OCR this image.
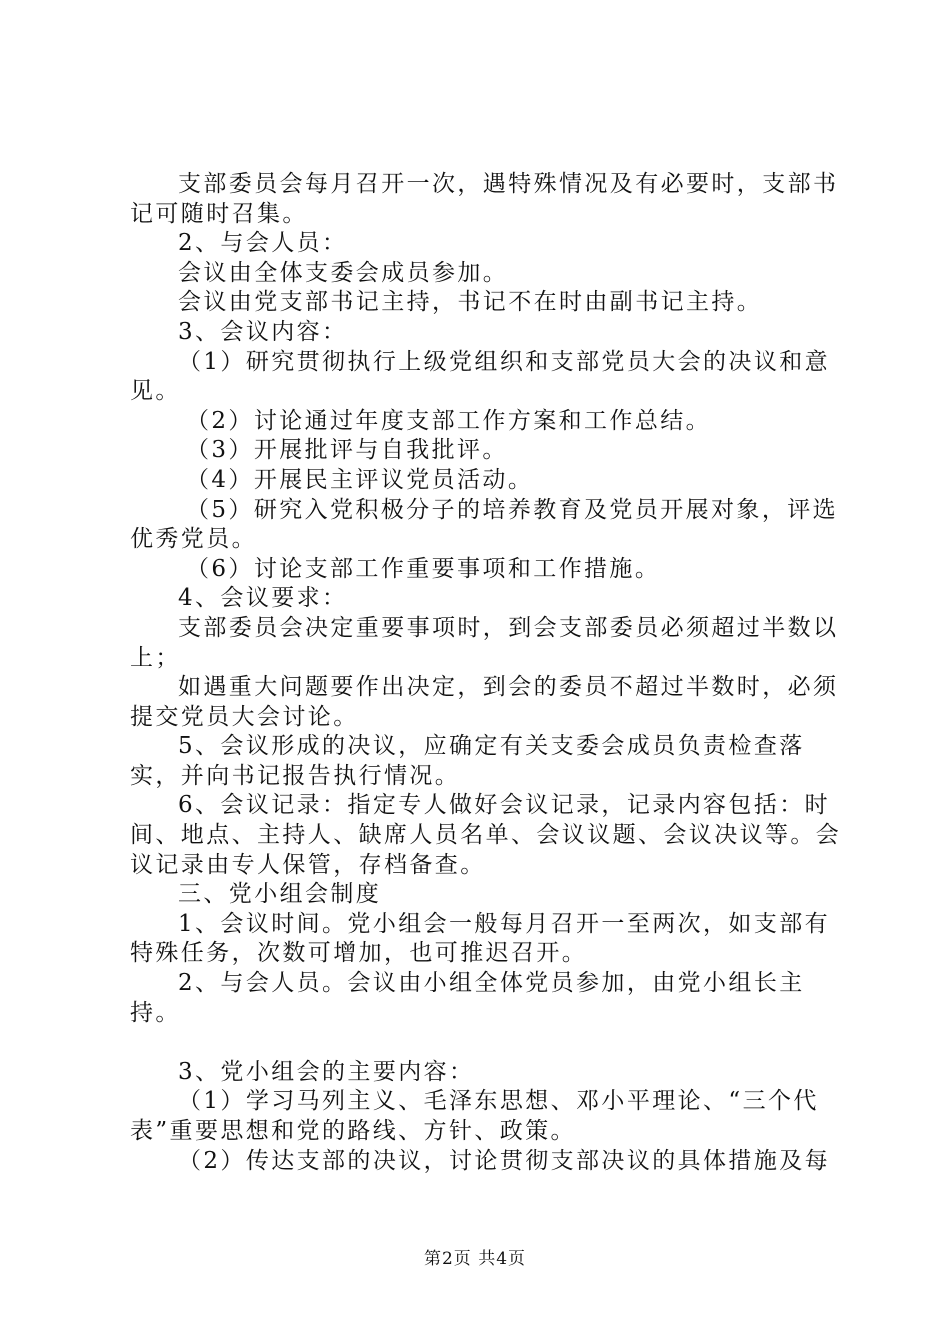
支部委员会每月召开一次，遇特殊情况及有必要时，支部书记可随时召集。

2、与会人员：

会议由全体支委会成员参加。

会议由党支部书记主持，书记不在时由副书记主持。

3、会议内容：

（1）研究贯彻执行上级党组织和支部党员大会的决议和意见。

（2）讨论通过年度支部工作方案和工作总结。

（3）开展批评与自我批评。

（4）开展民主评议党员活动。

（5）研究入党积极分子的培养教育及党员开展对象，评选优秀党员。

（6）讨论支部工作重要事项和工作措施。

4、会议要求：

支部委员会决定重要事项时，到会支部委员必须超过半数以上；

如遇重大问题要作出决定，到会的委员不超过半数时，必须提交党员大会讨论。

5、会议形成的决议，应确定有关支委会成员负责检查落实，并向书记报告执行情况。

6、会议记录：指定专人做好会议记录，记录内容包括：时间、地点、主持人、缺席人员名单、会议议题、会议决议等。会议记录由专人保管，存档备查。

三、党小组会制度

1、会议时间。党小组会一般每月召开一至两次，如支部有特殊任务，次数可增加，也可推迟召开。

2、与会人员。会议由小组全体党员参加，由党小组长主持。

3、党小组会的主要内容：

（1）学习马列主义、毛泽东思想、邓小平理论、“三个代表”重要思想和党的路线、方针、政策。

（2）传达支部的决议，讨论贯彻支部决议的具体措施及每

第2页 共4页
